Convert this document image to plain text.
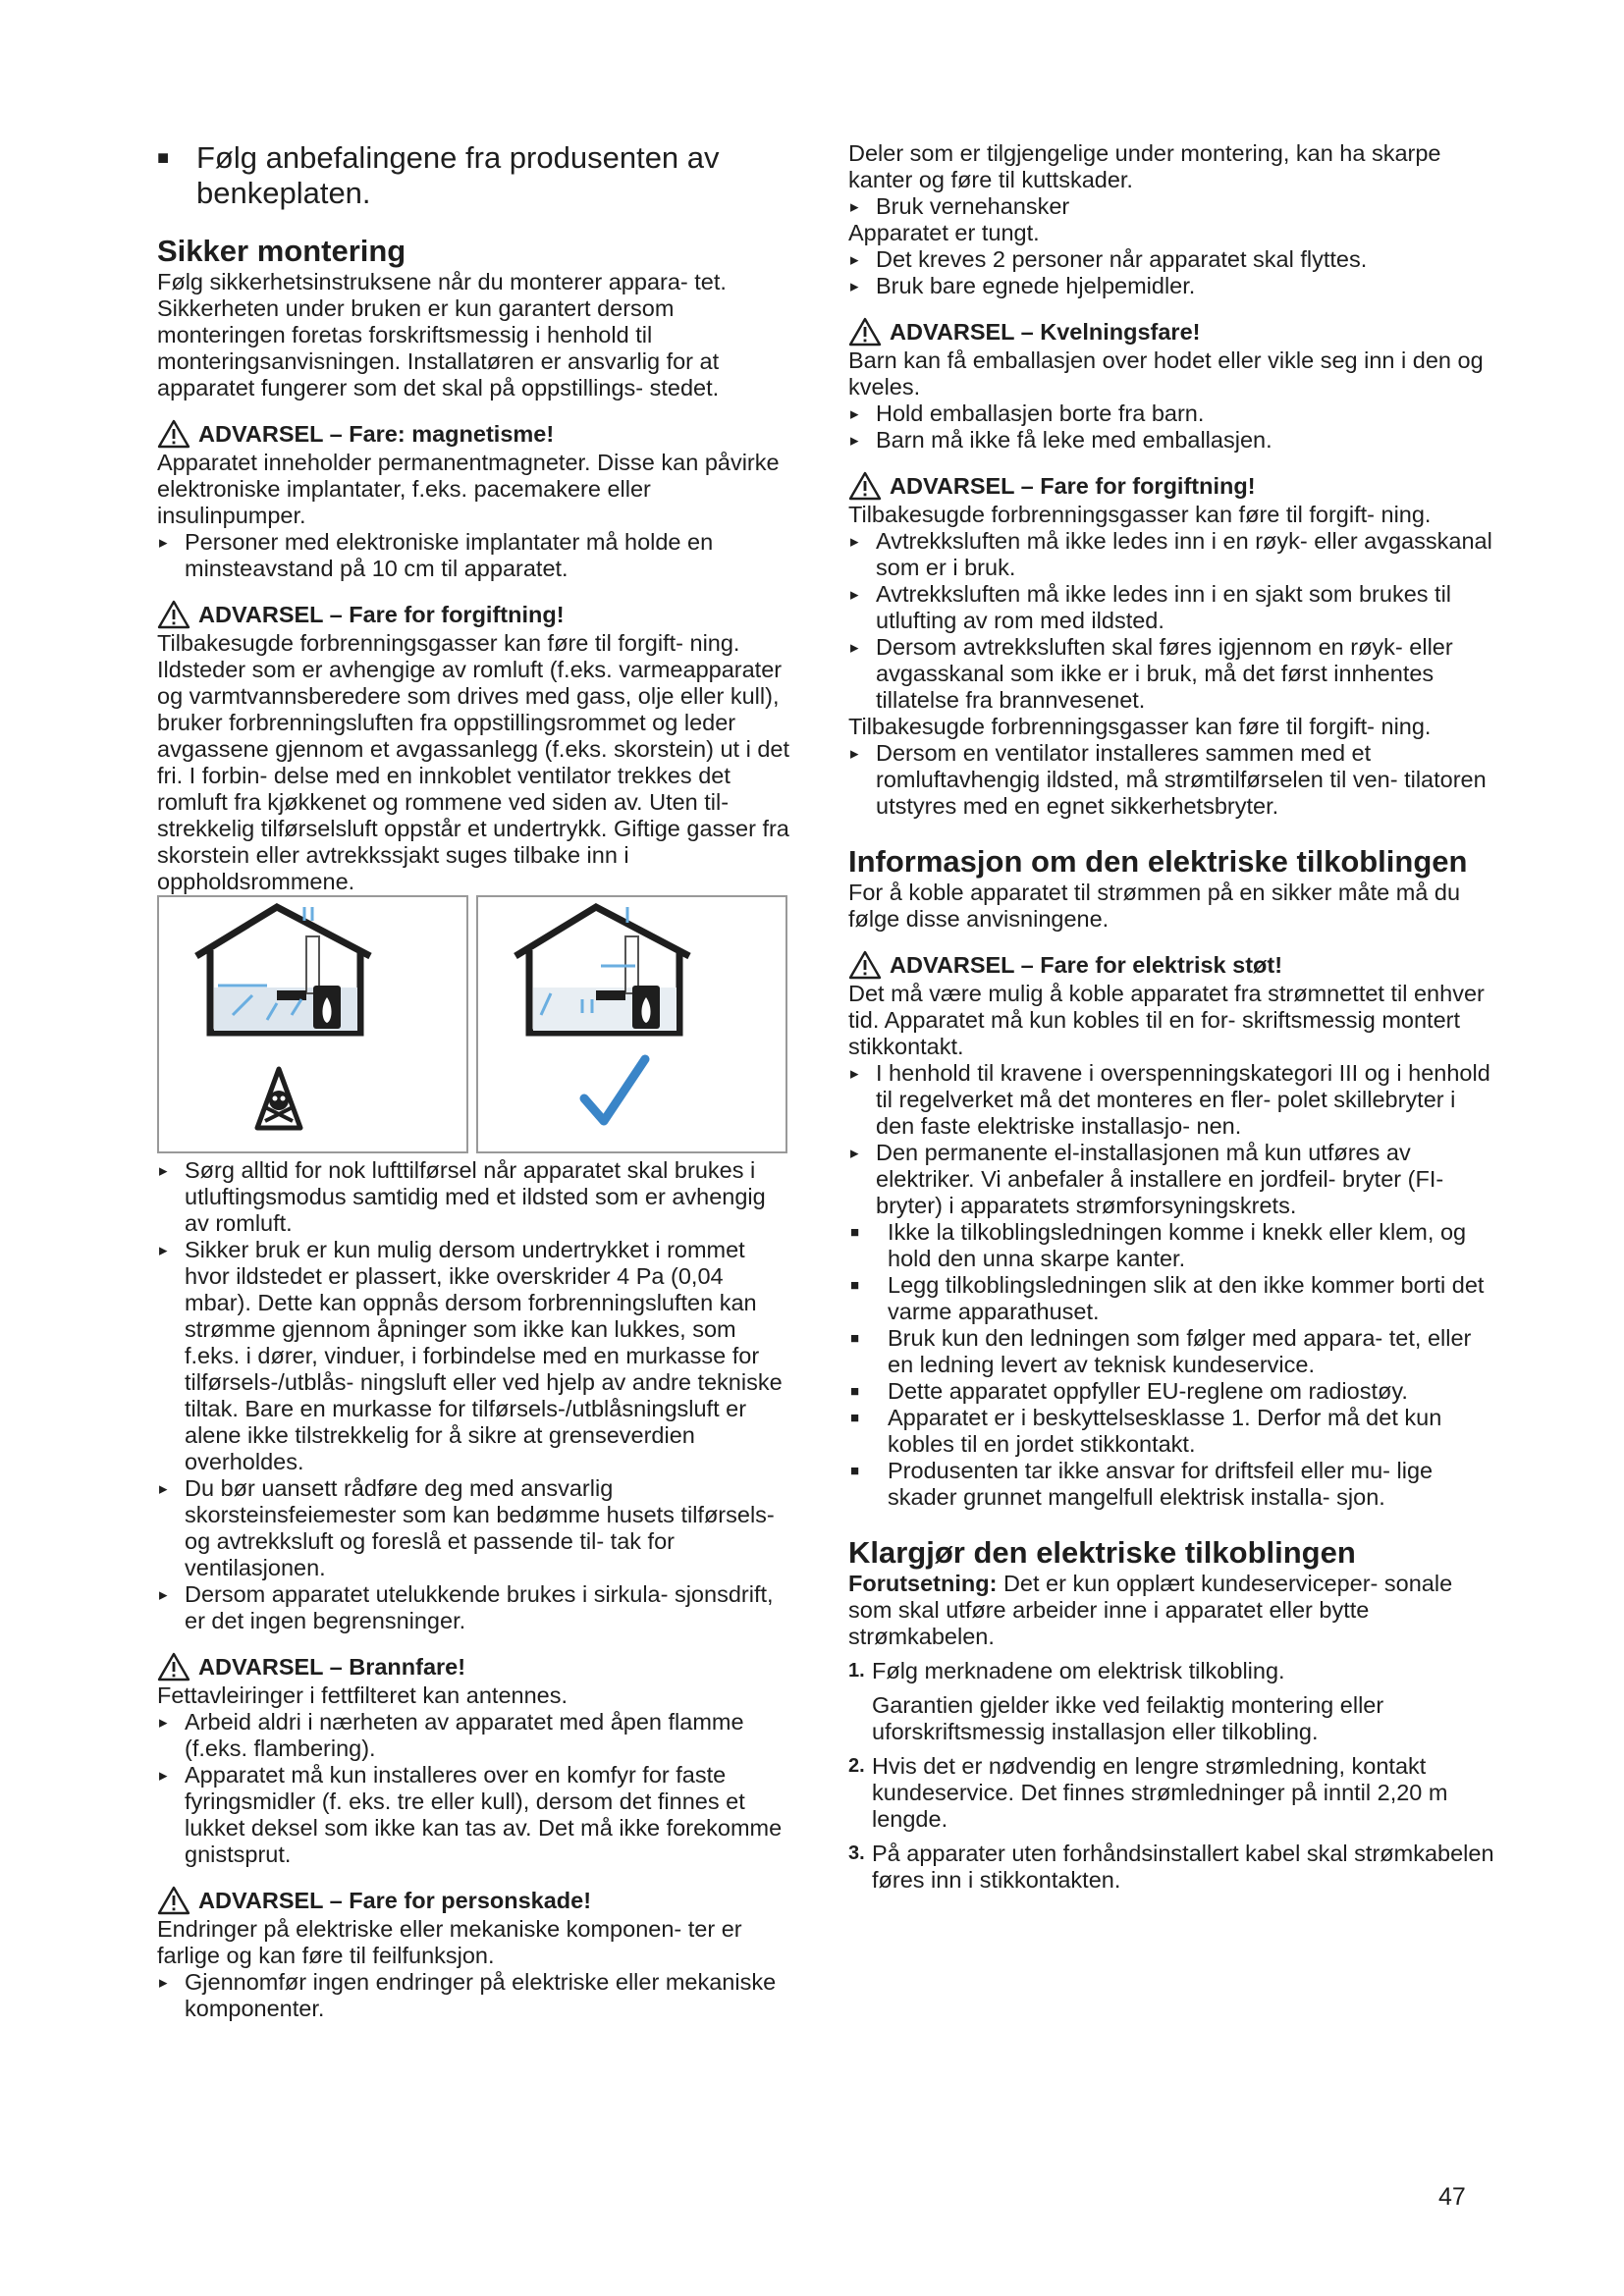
■ Følg anbefalingene fra produsenten av benkeplaten.
Sikker montering

Følg sikkerhetsinstruksene når du monterer appara- tet.

Sikkerheten under bruken er kun garantert dersom monteringen foretas forskriftsmessig i henhold til monteringsanvisningen. Installatøren er ansvarlig for at apparatet fungerer som det skal på oppstillings- stedet.

ADVARSEL – Fare: magnetisme!

Apparatet inneholder permanentmagneter. Disse kan påvirke elektroniske implantater, f.eks. pacemakere eller insulinpumper.

▸ Personer med elektroniske implantater må holde en minsteavstand på 10 cm til apparatet.
ADVARSEL – Fare for forgiftning!

Tilbakesugde forbrenningsgasser kan føre til forgift- ning. Ildsteder som er avhengige av romluft (f.eks. varmeapparater og varmtvannsberedere som drives med gass, olje eller kull), bruker forbrenningsluften fra oppstillingsrommet og leder avgassene gjennom et avgassanlegg (f.eks. skorstein) ut i det fri. I forbin- delse med en innkoblet ventilator trekkes det romluft fra kjøkkenet og rommene ved siden av. Uten til- strekkelig tilførselsluft oppstår et undertrykk. Giftige gasser fra skorstein eller avtrekkssjakt suges tilbake inn i oppholdsrommene.

▸ Sørg alltid for nok lufttilførsel når apparatet skal brukes i utluftingsmodus samtidig med et ildsted som er avhengig av romluft.
▸ Sikker bruk er kun mulig dersom undertrykket i rommet hvor ildstedet er plassert, ikke overskrider 4 Pa (0,04 mbar). Dette kan oppnås dersom forbrenningsluften kan strømme gjennom åpninger som ikke kan lukkes, som f.eks. i dører, vinduer, i forbindelse med en murkasse for tilførsels-/utblås- ningsluft eller ved hjelp av andre tekniske tiltak. Bare en murkasse for tilførsels-/utblåsningsluft er alene ikke tilstrekkelig for å sikre at grenseverdien overholdes.
▸ Du bør uansett rådføre deg med ansvarlig skorsteinsfeiemester som kan bedømme husets tilførsels- og avtrekksluft og foreslå et passende til- tak for ventilasjonen.
▸ Dersom apparatet utelukkende brukes i sirkula- sjonsdrift, er det ingen begrensninger.
ADVARSEL – Brannfare!

Fettavleiringer i fettfilteret kan antennes.

▸ Arbeid aldri i nærheten av apparatet med åpen flamme (f.eks. flambering).
▸ Apparatet må kun installeres over en komfyr for faste fyringsmidler (f. eks. tre eller kull), dersom det finnes et lukket deksel som ikke kan tas av. Det må ikke forekomme gnistsprut.
ADVARSEL – Fare for personskade!

Endringer på elektriske eller mekaniske komponen- ter er farlige og kan føre til feilfunksjon.

▸ Gjennomfør ingen endringer på elektriske eller mekaniske komponenter.

Deler som er tilgjengelige under montering, kan ha skarpe kanter og føre til kuttskader.

▸ Bruk vernehansker

Apparatet er tungt.

▸ Det kreves 2 personer når apparatet skal flyttes.
▸ Bruk bare egnede hjelpemidler.
ADVARSEL – Kvelningsfare!

Barn kan få emballasjen over hodet eller vikle seg inn i den og kveles.

▸ Hold emballasjen borte fra barn.
▸ Barn må ikke få leke med emballasjen.
ADVARSEL – Fare for forgiftning!

Tilbakesugde forbrenningsgasser kan føre til forgift- ning.

▸ Avtrekksluften må ikke ledes inn i en røyk- eller avgasskanal som er i bruk.
▸ Avtrekksluften må ikke ledes inn i en sjakt som brukes til utlufting av rom med ildsted.
▸ Dersom avtrekksluften skal føres igjennom en røyk- eller avgasskanal som ikke er i bruk, må det først innhentes tillatelse fra brannvesenet.

Tilbakesugde forbrenningsgasser kan føre til forgift- ning.

▸ Dersom en ventilator installeres sammen med et romluftavhengig ildsted, må strømtilførselen til ven- tilatoren utstyres med en egnet sikkerhetsbryter.
Informasjon om den elektriske tilkoblingen

For å koble apparatet til strømmen på en sikker måte må du følge disse anvisningene.

ADVARSEL – Fare for elektrisk støt!

Det må være mulig å koble apparatet fra strømnettet til enhver tid. Apparatet må kun kobles til en for- skriftsmessig montert stikkontakt.

▸ I henhold til kravene i overspenningskategori III og i henhold til regelverket må det monteres en fler- polet skillebryter i den faste elektriske installasjo- nen.
▸ Den permanente el-installasjonen må kun utføres av elektriker. Vi anbefaler å installere en jordfeil- bryter (FI-bryter) i apparatets strømforsyningskrets.
■ Ikke la tilkoblingsledningen komme i knekk eller klem, og hold den unna skarpe kanter.
■ Legg tilkoblingsledningen slik at den ikke kommer borti det varme apparathuset.
■ Bruk kun den ledningen som følger med appara- tet, eller en ledning levert av teknisk kundeservice.
■ Dette apparatet oppfyller EU-reglene om radiostøy.
■ Apparatet er i beskyttelsesklasse 1. Derfor må det kun kobles til en jordet stikkontakt.
■ Produsenten tar ikke ansvar for driftsfeil eller mu- lige skader grunnet mangelfull elektrisk installa- sjon.
Klargjør den elektriske tilkoblingen

Forutsetning: Det er kun opplært kundeserviceper- sonale som skal utføre arbeider inne i apparatet eller bytte strømkabelen.

1. Følg merknadene om elektrisk tilkobling.

Garantien gjelder ikke ved feilaktig montering eller uforskriftsmessig installasjon eller tilkobling.

2. Hvis det er nødvendig en lengre strømledning, kontakt kundeservice. Det finnes strømledninger på inntil 2,20 m lengde.

3. På apparater uten forhåndsinstallert kabel skal strømkabelen føres inn i stikkontakten.

47
